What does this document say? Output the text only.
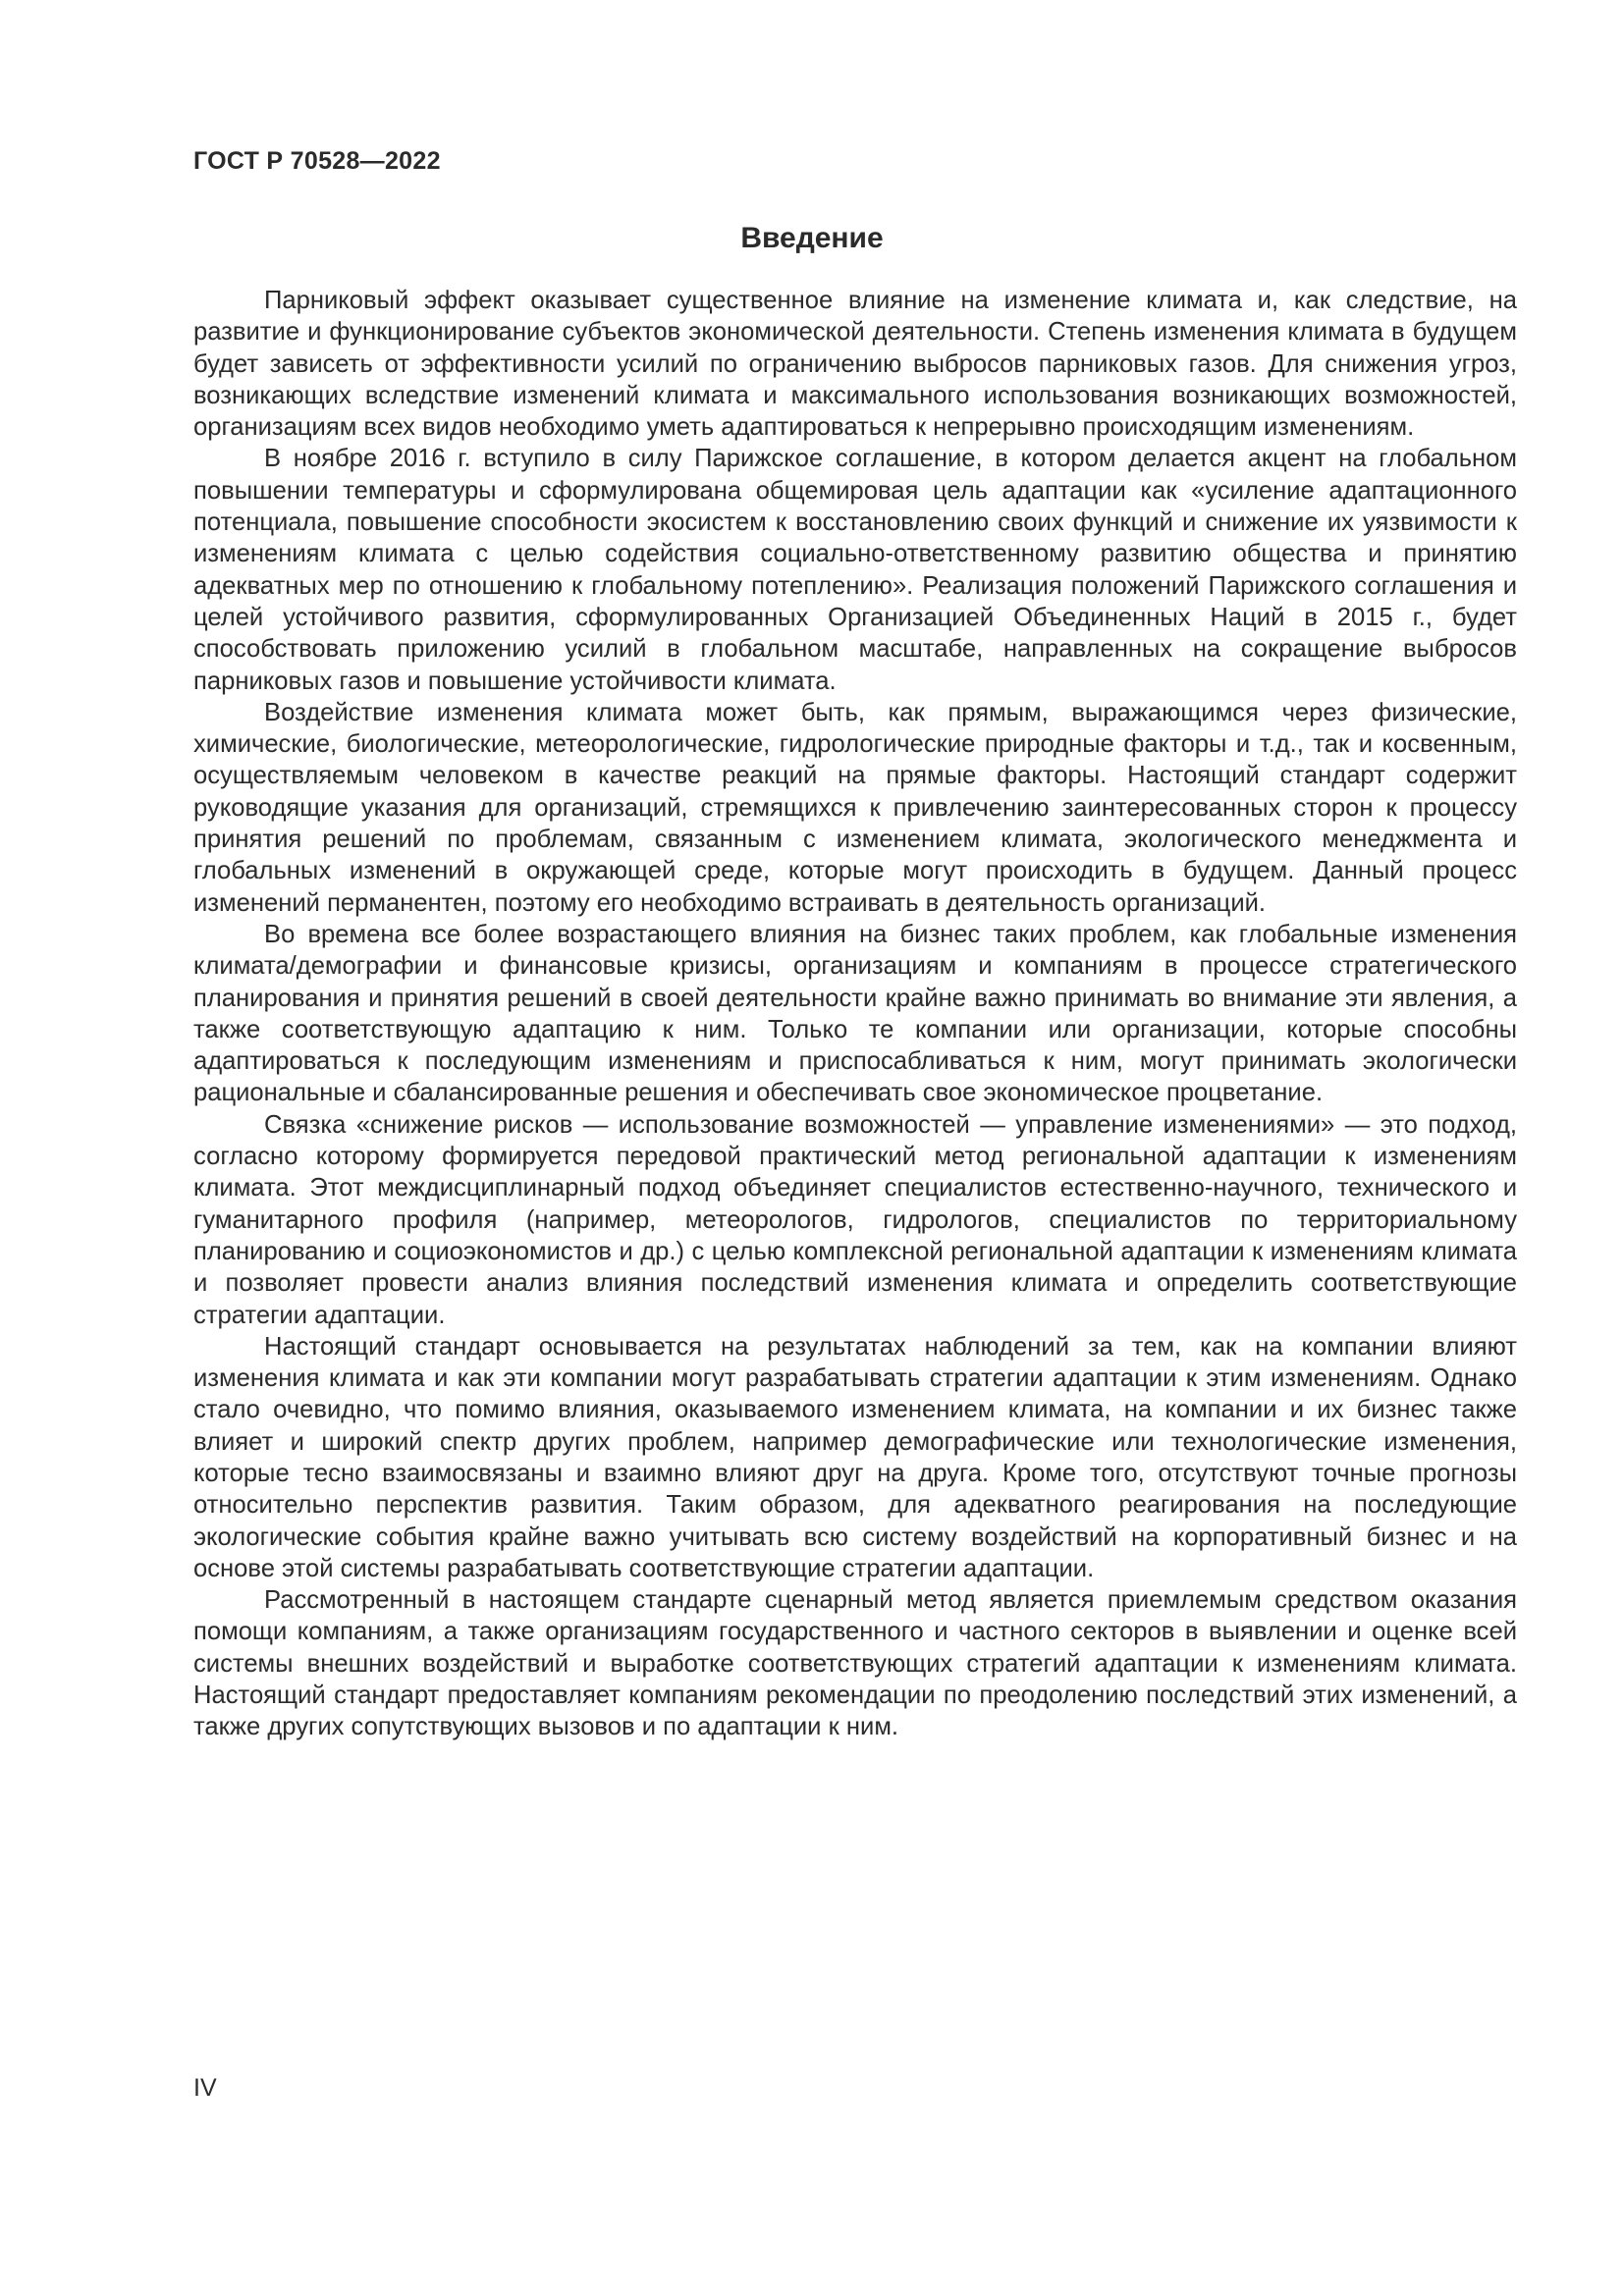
ГОСТ Р 70528—2022

Введение

Парниковый эффект оказывает существенное влияние на изменение климата и, как следствие, на развитие и функционирование субъектов экономической деятельности. Степень изменения климата в будущем будет зависеть от эффективности усилий по ограничению выбросов парниковых газов. Для снижения угроз, возникающих вследствие изменений климата и максимального использования возникающих возможностей, организациям всех видов необходимо уметь адаптироваться к непрерывно происходящим изменениям.

В ноябре 2016 г. вступило в силу Парижское соглашение, в котором делается акцент на глобальном повышении температуры и сформулирована общемировая цель адаптации как «усиление адаптационного потенциала, повышение способности экосистем к восстановлению своих функций и снижение их уязвимости к изменениям климата с целью содействия социально-ответственному развитию общества и принятию адекватных мер по отношению к глобальному потеплению». Реализация положений Парижского соглашения и целей устойчивого развития, сформулированных Организацией Объединенных Наций в 2015 г., будет способствовать приложению усилий в глобальном масштабе, направленных на сокращение выбросов парниковых газов и повышение устойчивости климата.

Воздействие изменения климата может быть, как прямым, выражающимся через физические, химические, биологические, метеорологические, гидрологические природные факторы и т.д., так и косвенным, осуществляемым человеком в качестве реакций на прямые факторы. Настоящий стандарт содержит руководящие указания для организаций, стремящихся к привлечению заинтересованных сторон к процессу принятия решений по проблемам, связанным с изменением климата, экологического менеджмента и глобальных изменений в окружающей среде, которые могут происходить в будущем. Данный процесс изменений перманентен, поэтому его необходимо встраивать в деятельность организаций.

Во времена все более возрастающего влияния на бизнес таких проблем, как глобальные изменения климата/демографии и финансовые кризисы, организациям и компаниям в процессе стратегического планирования и принятия решений в своей деятельности крайне важно принимать во внимание эти явления, а также соответствующую адаптацию к ним. Только те компании или организации, которые способны адаптироваться к последующим изменениям и приспосабливаться к ним, могут принимать экологически рациональные и сбалансированные решения и обеспечивать свое экономическое процветание.

Связка «снижение рисков — использование возможностей — управление изменениями» — это подход, согласно которому формируется передовой практический метод региональной адаптации к изменениям климата. Этот междисциплинарный подход объединяет специалистов естественно-научного, технического и гуманитарного профиля (например, метеорологов, гидрологов, специалистов по территориальному планированию и социоэкономистов и др.) с целью комплексной региональной адаптации к изменениям климата и позволяет провести анализ влияния последствий изменения климата и определить соответствующие стратегии адаптации.

Настоящий стандарт основывается на результатах наблюдений за тем, как на компании влияют изменения климата и как эти компании могут разрабатывать стратегии адаптации к этим изменениям. Однако стало очевидно, что помимо влияния, оказываемого изменением климата, на компании и их бизнес также влияет и широкий спектр других проблем, например демографические или технологические изменения, которые тесно взаимосвязаны и взаимно влияют друг на друга. Кроме того, отсутствуют точные прогнозы относительно перспектив развития. Таким образом, для адекватного реагирования на последующие экологические события крайне важно учитывать всю систему воздействий на корпоративный бизнес и на основе этой системы разрабатывать соответствующие стратегии адаптации.

Рассмотренный в настоящем стандарте сценарный метод является приемлемым средством оказания помощи компаниям, а также организациям государственного и частного секторов в выявлении и оценке всей системы внешних воздействий и выработке соответствующих стратегий адаптации к изменениям климата. Настоящий стандарт предоставляет компаниям рекомендации по преодолению последствий этих изменений, а также других сопутствующих вызовов и по адаптации к ним.

IV
